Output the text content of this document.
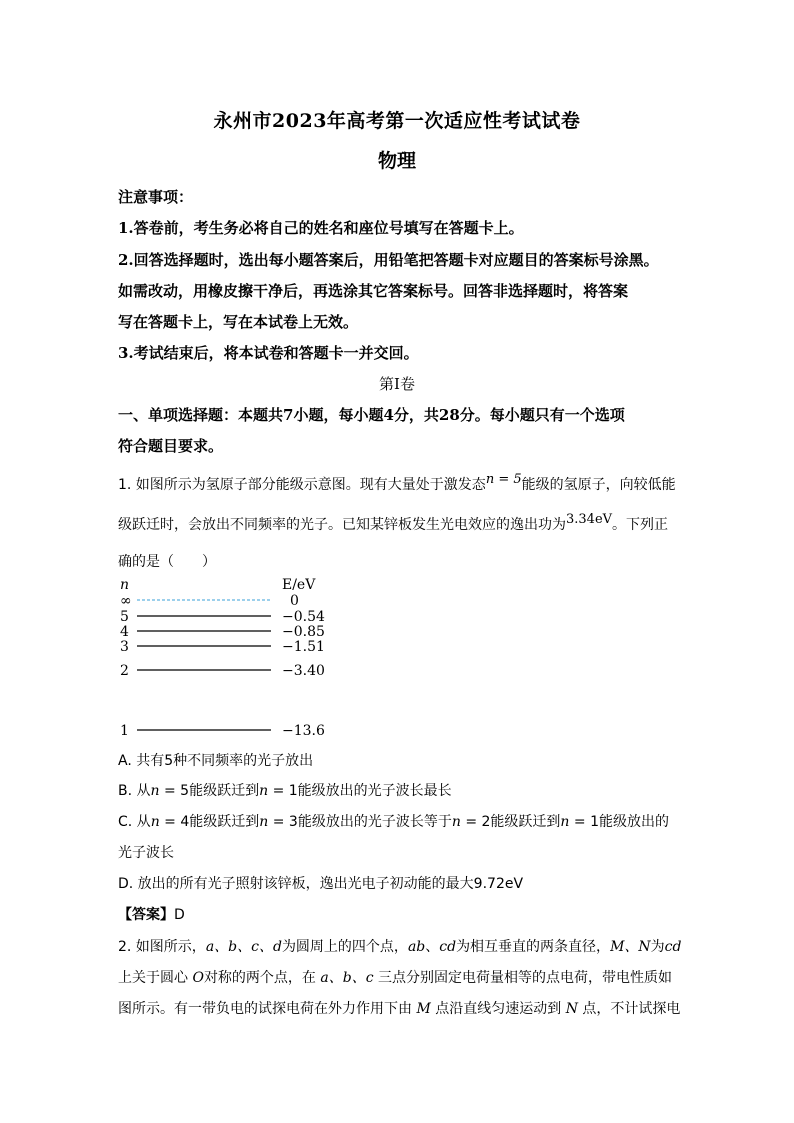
永州市2023年高考第一次适应性考试试卷
物理
注意事项：
1.答卷前，考生务必将自己的姓名和座位号填写在答题卡上。
2.回答选择题时，选出每小题答案后，用铅笔把答题卡对应题目的答案标号涂黑。
如需改动，用橡皮擦干净后，再选涂其它答案标号。回答非选择题时，将答案
写在答题卡上，写在本试卷上无效。
3.考试结束后，将本试卷和答题卡一并交回。
第Ⅰ卷
一、单项选择题：本题共7小题，每小题4分，共28分。每小题只有一个选项
符合题目要求。
1. 如图所示为氢原子部分能级示意图。现有大量处于激发态n = 5能级的氢原子，向较低能
级跃迁时，会放出不同频率的光子。已知某锌板发生光电效应的逸出功为3.34eV。下列正
确的是（　　）
n	E/eV
∞	0
5	−0.54
4	−0.85
3	−1.51
2	−3.40
1	−13.6
A. 共有5种不同频率的光子放出
B. 从n = 5能级跃迁到n = 1能级放出的光子波长最长
C. 从n = 4能级跃迁到n = 3能级放出的光子波长等于n = 2能级跃迁到n = 1能级放出的
光子波长
D. 放出的所有光子照射该锌板，逸出光电子初动能的最大9.72eV
【答案】D
2. 如图所示，a、b、c、d为圆周上的四个点，ab、cd为相互垂直的两条直径，M、N为cd
上关于圆心 O对称的两个点，在 a、b、c 三点分别固定电荷量相等的点电荷，带电性质如
图所示。有一带负电的试探电荷在外力作用下由 M 点沿直线匀速运动到 N 点，不计试探电
